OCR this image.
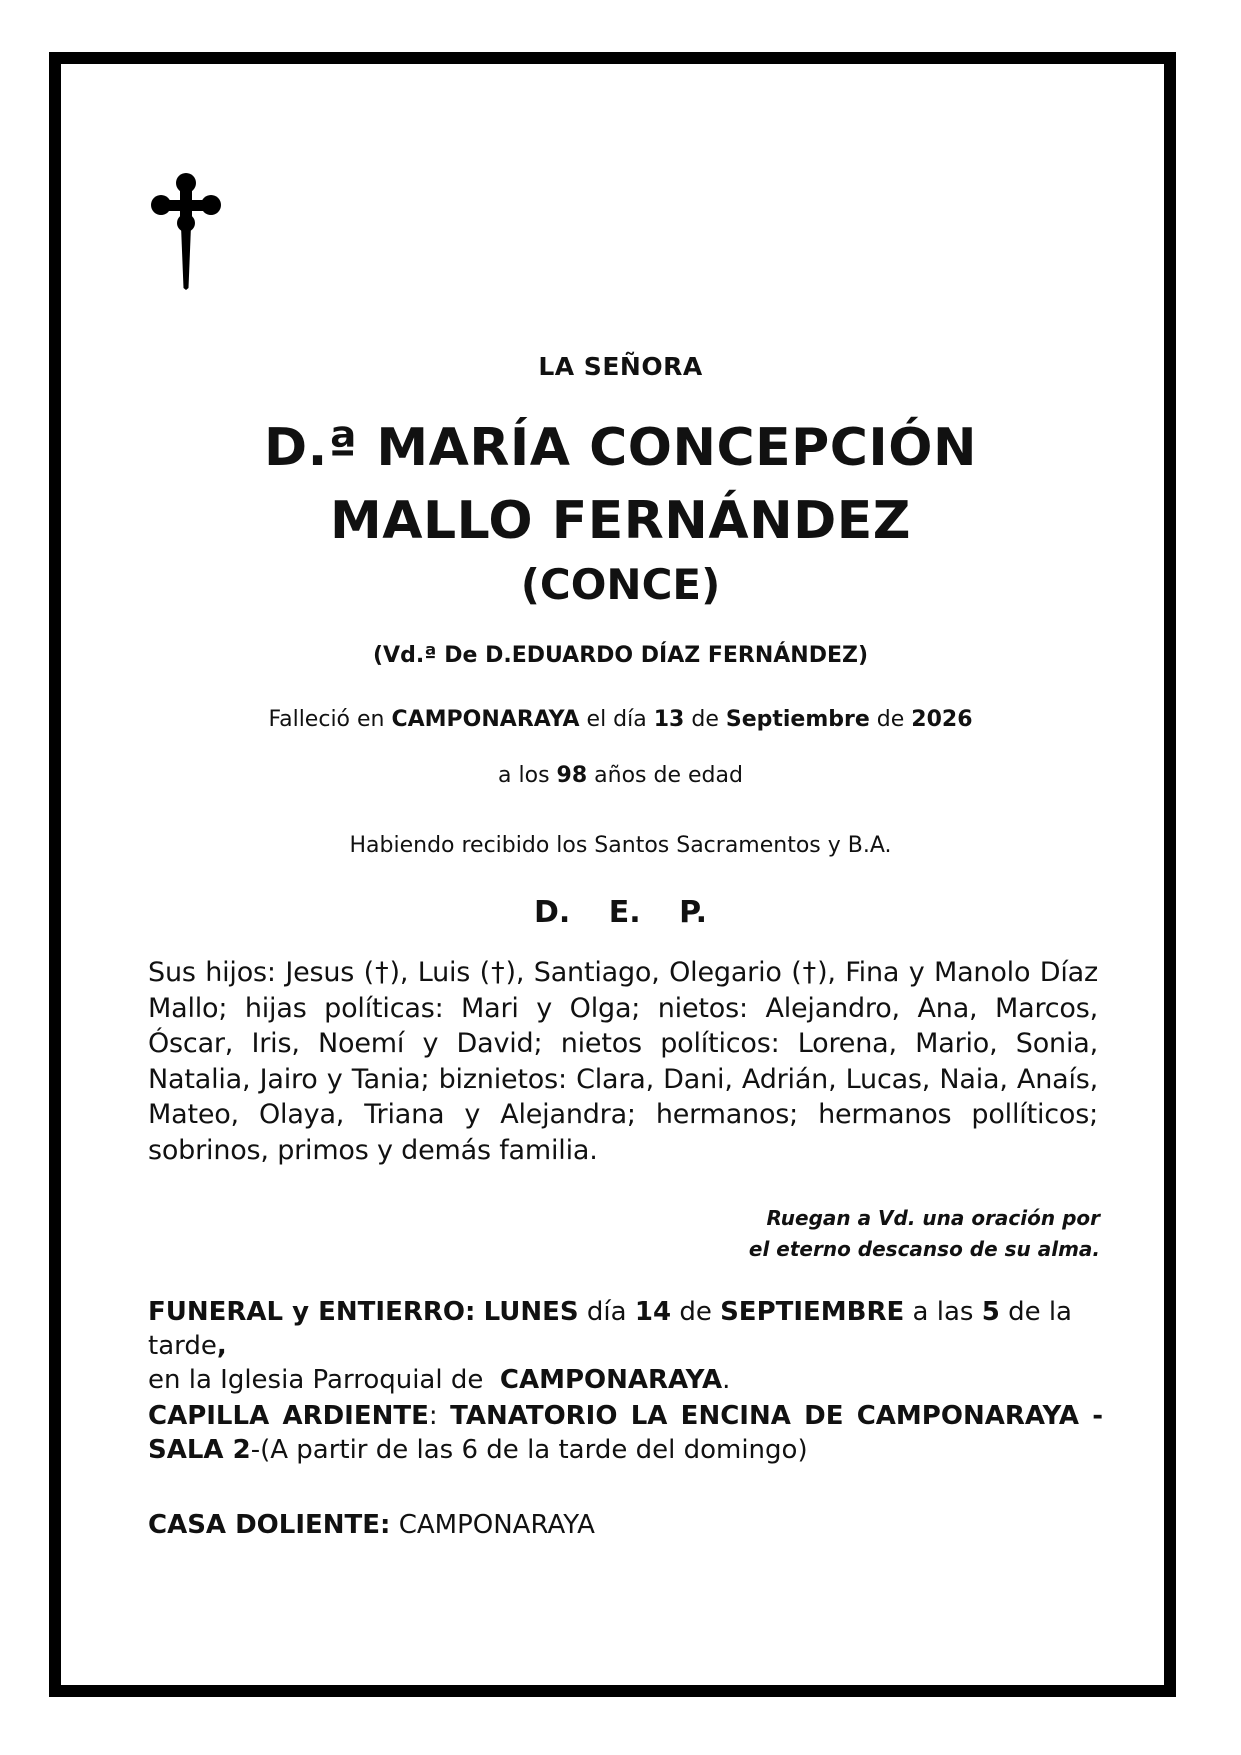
LA SEÑORA

D.ª MARÍA CONCEPCIÓN

MALLO FERNÁNDEZ

(CONCE)

(Vd.ª De D.EDUARDO DÍAZ FERNÁNDEZ)

Falleció en CAMPONARAYA el día 13 de Septiembre de 2026

a los 98 años de edad

Habiendo recibido los Santos Sacramentos y B.A.

D. E. P.

Sus hijos: Jesus (†), Luis (†), Santiago, Olegario (†), Fina y Manolo Díaz Mallo; hijas políticas: Mari y Olga; nietos: Alejandro, Ana, Marcos, Óscar, Iris, Noemí y David; nietos políticos: Lorena, Mario, Sonia, Natalia, Jairo y Tania; biznietos: Clara, Dani, Adrián, Lucas, Naia, Anaís, Mateo, Olaya, Triana y Alejandra; hermanos; hermanos pollíticos; sobrinos, primos y demás familia.

Ruegan a Vd. una oración por
el eterno descanso de su alma.

FUNERAL y ENTIERRO: LUNES día 14 de SEPTIEMBRE a las 5 de la tarde,
en la Iglesia Parroquial de CAMPONARAYA.

CAPILLA ARDIENTE: TANATORIO LA ENCINA DE CAMPONARAYA - SALA 2-(A partir de las 6 de la tarde del domingo)

CASA DOLIENTE: CAMPONARAYA
